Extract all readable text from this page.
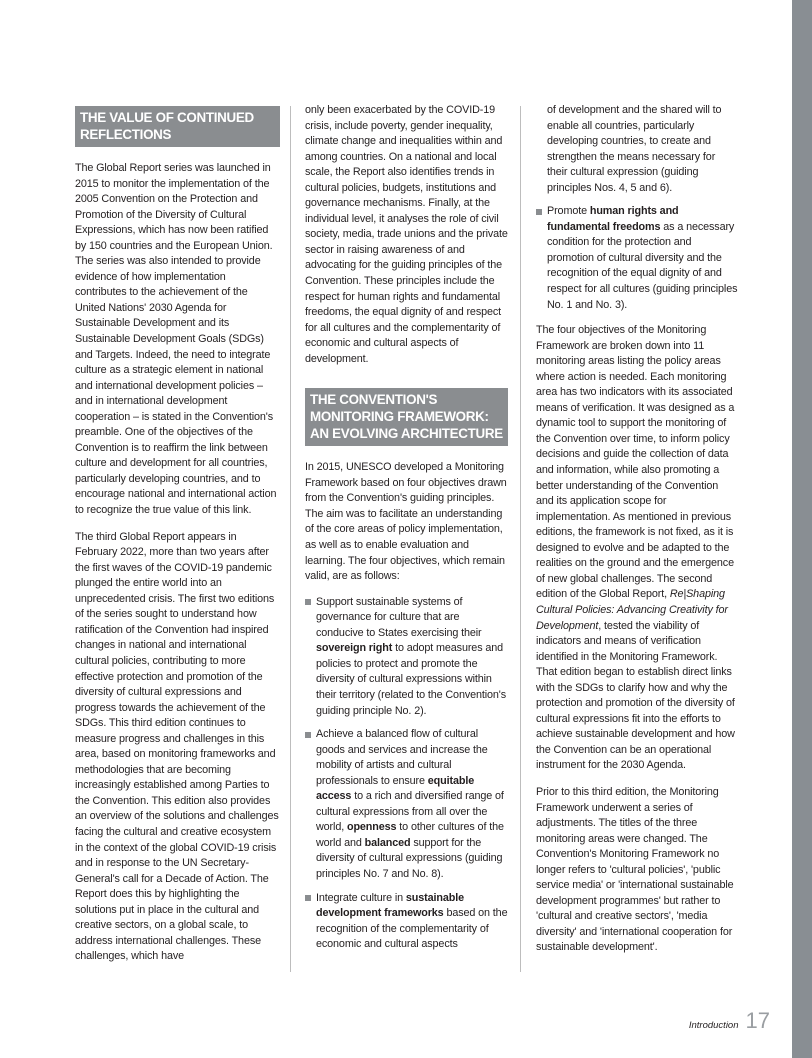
THE VALUE OF CONTINUED
REFLECTIONS

The Global Report series was launched in 2015 to monitor the implementation of the 2005 Convention on the Protection and Promotion of the Diversity of Cultural Expressions, which has now been ratified by 150 countries and the European Union. The series was also intended to provide evidence of how implementation contributes to the achievement of the United Nations' 2030 Agenda for Sustainable Development and its Sustainable Development Goals (SDGs) and Targets. Indeed, the need to integrate culture as a strategic element in national and international development policies – and in international development cooperation – is stated in the Convention's preamble. One of the objectives of the Convention is to reaffirm the link between culture and development for all countries, particularly developing countries, and to encourage national and international action to recognize the true value of this link.

The third Global Report appears in February 2022, more than two years after the first waves of the COVID-19 pandemic plunged the entire world into an unprecedented crisis. The first two editions of the series sought to understand how ratification of the Convention had inspired changes in national and international cultural policies, contributing to more effective protection and promotion of the diversity of cultural expressions and progress towards the achievement of the SDGs. This third edition continues to measure progress and challenges in this area, based on monitoring frameworks and methodologies that are becoming increasingly established among Parties to the Convention. This edition also provides an overview of the solutions and challenges facing the cultural and creative ecosystem in the context of the global COVID-19 crisis and in response to the UN Secretary-General's call for a Decade of Action. The Report does this by highlighting the solutions put in place in the cultural and creative sectors, on a global scale, to address international challenges. These challenges, which have

only been exacerbated by the COVID-19 crisis, include poverty, gender inequality, climate change and inequalities within and among countries. On a national and local scale, the Report also identifies trends in cultural policies, budgets, institutions and governance mechanisms. Finally, at the individual level, it analyses the role of civil society, media, trade unions and the private sector in raising awareness of and advocating for the guiding principles of the Convention. These principles include the respect for human rights and fundamental freedoms, the equal dignity of and respect for all cultures and the complementarity of economic and cultural aspects of development.

THE CONVENTION'S
MONITORING FRAMEWORK:
AN EVOLVING ARCHITECTURE

In 2015, UNESCO developed a Monitoring Framework based on four objectives drawn from the Convention's guiding principles. The aim was to facilitate an understanding of the core areas of policy implementation, as well as to enable evaluation and learning. The four objectives, which remain valid, are as follows:

Support sustainable systems of governance for culture that are conducive to States exercising their sovereign right to adopt measures and policies to protect and promote the diversity of cultural expressions within their territory (related to the Convention's guiding principle No. 2).
Achieve a balanced flow of cultural goods and services and increase the mobility of artists and cultural professionals to ensure equitable access to a rich and diversified range of cultural expressions from all over the world, openness to other cultures of the world and balanced support for the diversity of cultural expressions (guiding principles No. 7 and No. 8).
Integrate culture in sustainable development frameworks based on the recognition of the complementarity of economic and cultural aspects

of development and the shared will to enable all countries, particularly developing countries, to create and strengthen the means necessary for their cultural expression (guiding principles Nos. 4, 5 and 6).

Promote human rights and fundamental freedoms as a necessary condition for the protection and promotion of cultural diversity and the recognition of the equal dignity of and respect for all cultures (guiding principles No. 1 and No. 3).

The four objectives of the Monitoring Framework are broken down into 11 monitoring areas listing the policy areas where action is needed. Each monitoring area has two indicators with its associated means of verification. It was designed as a dynamic tool to support the monitoring of the Convention over time, to inform policy decisions and guide the collection of data and information, while also promoting a better understanding of the Convention and its application scope for implementation. As mentioned in previous editions, the framework is not fixed, as it is designed to evolve and be adapted to the realities on the ground and the emergence of new global challenges. The second edition of the Global Report, Re|Shaping Cultural Policies: Advancing Creativity for Development, tested the viability of indicators and means of verification identified in the Monitoring Framework. That edition began to establish direct links with the SDGs to clarify how and why the protection and promotion of the diversity of cultural expressions fit into the efforts to achieve sustainable development and how the Convention can be an operational instrument for the 2030 Agenda.

Prior to this third edition, the Monitoring Framework underwent a series of adjustments. The titles of the three monitoring areas were changed. The Convention's Monitoring Framework no longer refers to 'cultural policies', 'public service media' or 'international sustainable development programmes' but rather to 'cultural and creative sectors', 'media diversity' and 'international cooperation for sustainable development'.

Introduction 17
